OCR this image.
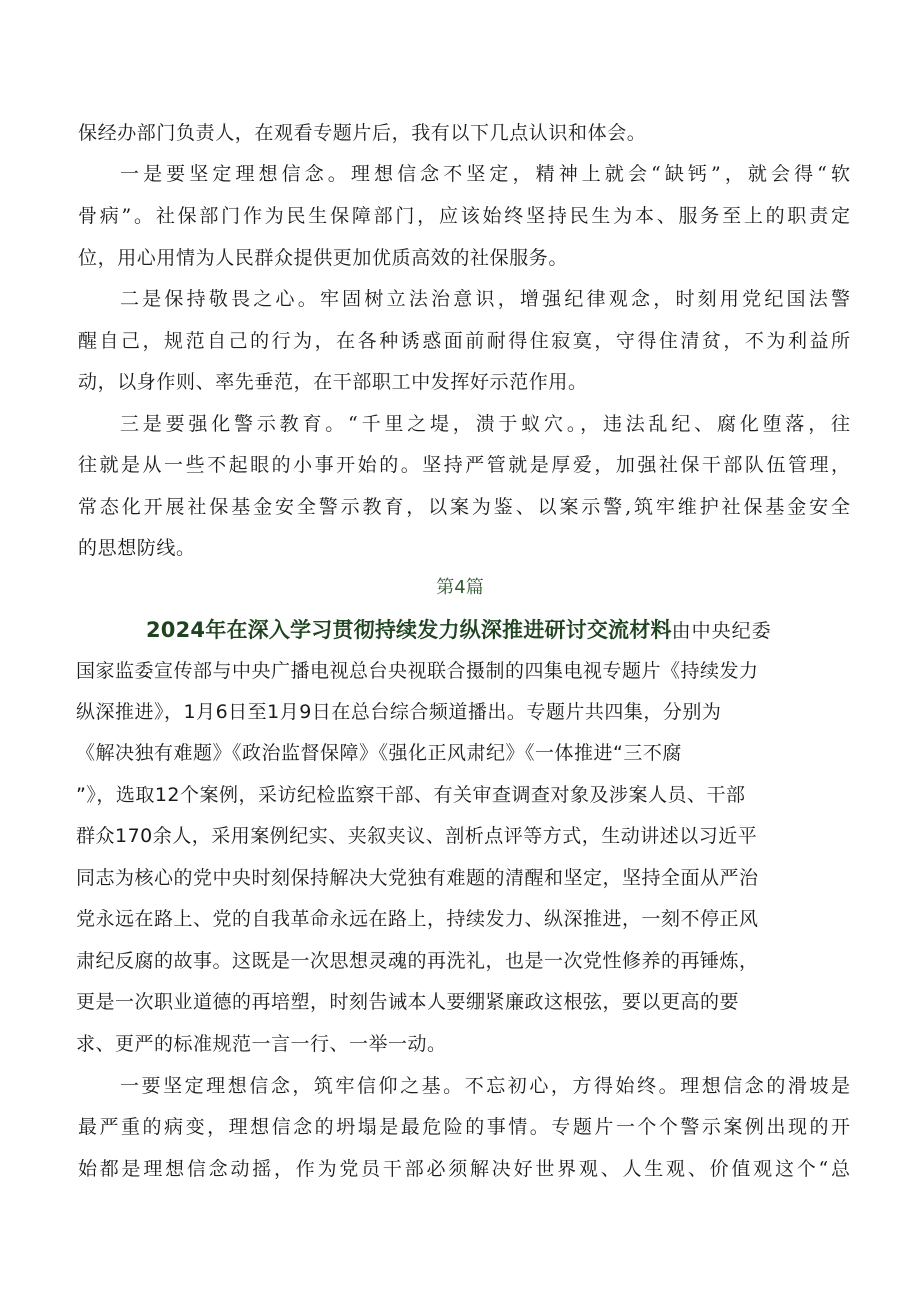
保经办部门负责人，在观看专题片后，我有以下几点认识和体会。
一是要坚定理想信念。理想信念不坚定，精神上就会“缺钙”，就会得“软
骨病”。社保部门作为民生保障部门，应该始终坚持民生为本、服务至上的职责定
位，用心用情为人民群众提供更加优质高效的社保服务。
二是保持敬畏之心。牢固树立法治意识，增强纪律观念，时刻用党纪国法警
醒自己，规范自己的行为，在各种诱惑面前耐得住寂寞，守得住清贫，不为利益所
动，以身作则、率先垂范，在干部职工中发挥好示范作用。
三是要强化警示教育。“千里之堤，溃于蚁穴。，违法乱纪、腐化堕落，往
往就是从一些不起眼的小事开始的。坚持严管就是厚爱，加强社保干部队伍管理，
常态化开展社保基金安全警示教育，以案为鉴、以案示警,筑牢维护社保基金安全
的思想防线。
第4篇
2024年在深入学习贯彻持续发力纵深推进研讨交流材料由中央纪委
国家监委宣传部与中央广播电视总台央视联合摄制的四集电视专题片《持续发力
纵深推进》，1月6日至1月9日在总台综合频道播出。专题片共四集，分别为
《解决独有难题》《政治监督保障》《强化正风肃纪》《一体推进“三不腐
”》，选取12个案例，采访纪检监察干部、有关审查调查对象及涉案人员、干部
群众170余人，采用案例纪实、夹叙夹议、剖析点评等方式，生动讲述以习近平
同志为核心的党中央时刻保持解决大党独有难题的清醒和坚定，坚持全面从严治
党永远在路上、党的自我革命永远在路上，持续发力、纵深推进，一刻不停正风
肃纪反腐的故事。这既是一次思想灵魂的再洗礼，也是一次党性修养的再锤炼，
更是一次职业道德的再培塑，时刻告诫本人要绷紧廉政这根弦，要以更高的要
求、更严的标准规范一言一行、一举一动。
一要坚定理想信念，筑牢信仰之基。不忘初心，方得始终。理想信念的滑坡是
最严重的病变，理想信念的坍塌是最危险的事情。专题片一个个警示案例出现的开
始都是理想信念动摇，作为党员干部必须解决好世界观、人生观、价值观这个“总
